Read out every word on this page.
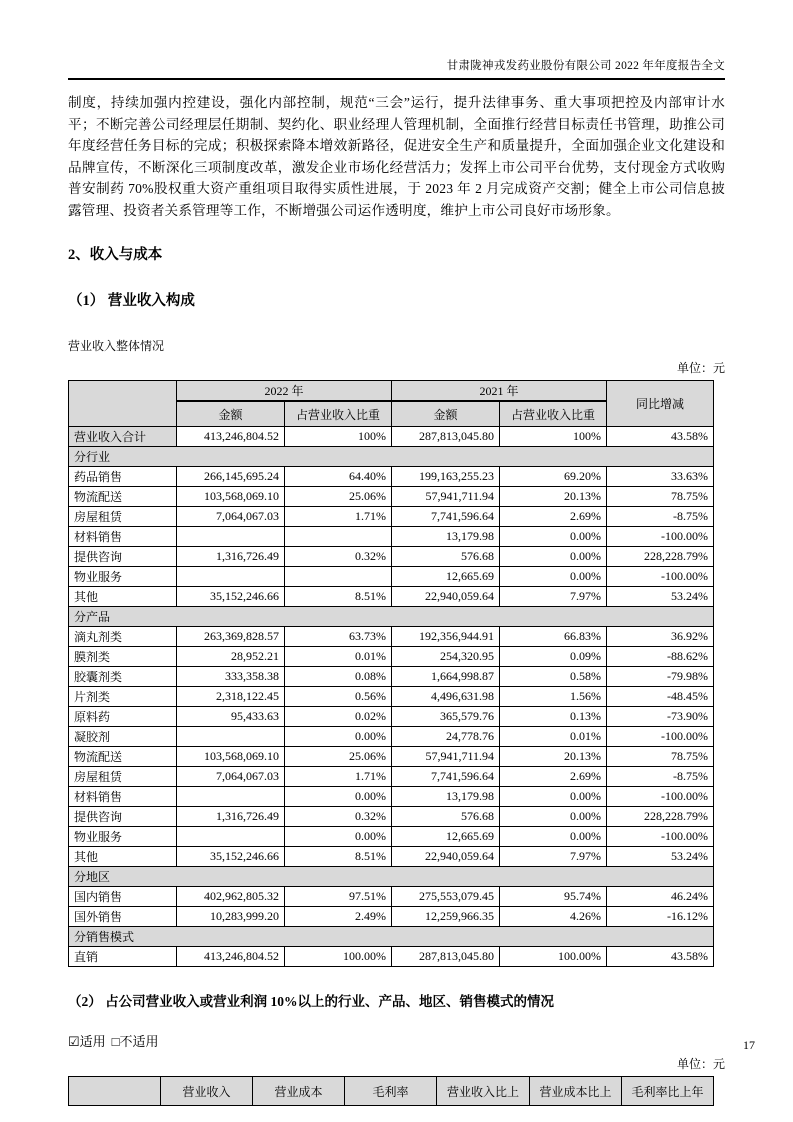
甘肃陇神戎发药业股份有限公司 2022 年年度报告全文
制度，持续加强内控建设，强化内部控制，规范“三会”运行，提升法律事务、重大事项把控及内部审计水平；不断完善公司经理层任期制、契约化、职业经理人管理机制，全面推行经营目标责任书管理，助推公司年度经营任务目标的完成；积极探索降本增效新路径，促进安全生产和质量提升，全面加强企业文化建设和品牌宣传，不断深化三项制度改革，激发企业市场化经营活力；发挥上市公司平台优势，支付现金方式收购普安制药 70%股权重大资产重组项目取得实质性进展，于 2023 年 2 月完成资产交割；健全上市公司信息披露管理、投资者关系管理等工作，不断增强公司运作透明度，维护上市公司良好市场形象。
2、收入与成本
（1） 营业收入构成
营业收入整体情况
单位：元
	2022 年		2021 年		同比增减
	金额	占营业收入比重	金额	占营业收入比重	
营业收入合计	413,246,804.52	100%	287,813,045.80	100%	43.58%
分行业					
药品销售	266,145,695.24	64.40%	199,163,255.23	69.20%	33.63%
物流配送	103,568,069.10	25.06%	57,941,711.94	20.13%	78.75%
房屋租赁	7,064,067.03	1.71%	7,741,596.64	2.69%	-8.75%
材料销售			13,179.98	0.00%	-100.00%
提供咨询	1,316,726.49	0.32%	576.68	0.00%	228,228.79%
物业服务			12,665.69	0.00%	-100.00%
其他	35,152,246.66	8.51%	22,940,059.64	7.97%	53.24%
分产品					
滴丸剂类	263,369,828.57	63.73%	192,356,944.91	66.83%	36.92%
膜剂类	28,952.21	0.01%	254,320.95	0.09%	-88.62%
胶囊剂类	333,358.38	0.08%	1,664,998.87	0.58%	-79.98%
片剂类	2,318,122.45	0.56%	4,496,631.98	1.56%	-48.45%
原料药	95,433.63	0.02%	365,579.76	0.13%	-73.90%
凝胶剂		0.00%	24,778.76	0.01%	-100.00%
物流配送	103,568,069.10	25.06%	57,941,711.94	20.13%	78.75%
房屋租赁	7,064,067.03	1.71%	7,741,596.64	2.69%	-8.75%
材料销售		0.00%	13,179.98	0.00%	-100.00%
提供咨询	1,316,726.49	0.32%	576.68	0.00%	228,228.79%
物业服务		0.00%	12,665.69	0.00%	-100.00%
其他	35,152,246.66	8.51%	22,940,059.64	7.97%	53.24%
分地区					
国内销售	402,962,805.32	97.51%	275,553,079.45	95.74%	46.24%
国外销售	10,283,999.20	2.49%	12,259,966.35	4.26%	-16.12%
分销售模式					
直销	413,246,804.52	100.00%	287,813,045.80	100.00%	43.58%
（2） 占公司营业收入或营业利润 10%以上的行业、产品、地区、销售模式的情况
☑适用 □不适用
单位：元
	营业收入	营业成本	毛利率	营业收入比上	营业成本比上	毛利率比上年
17
